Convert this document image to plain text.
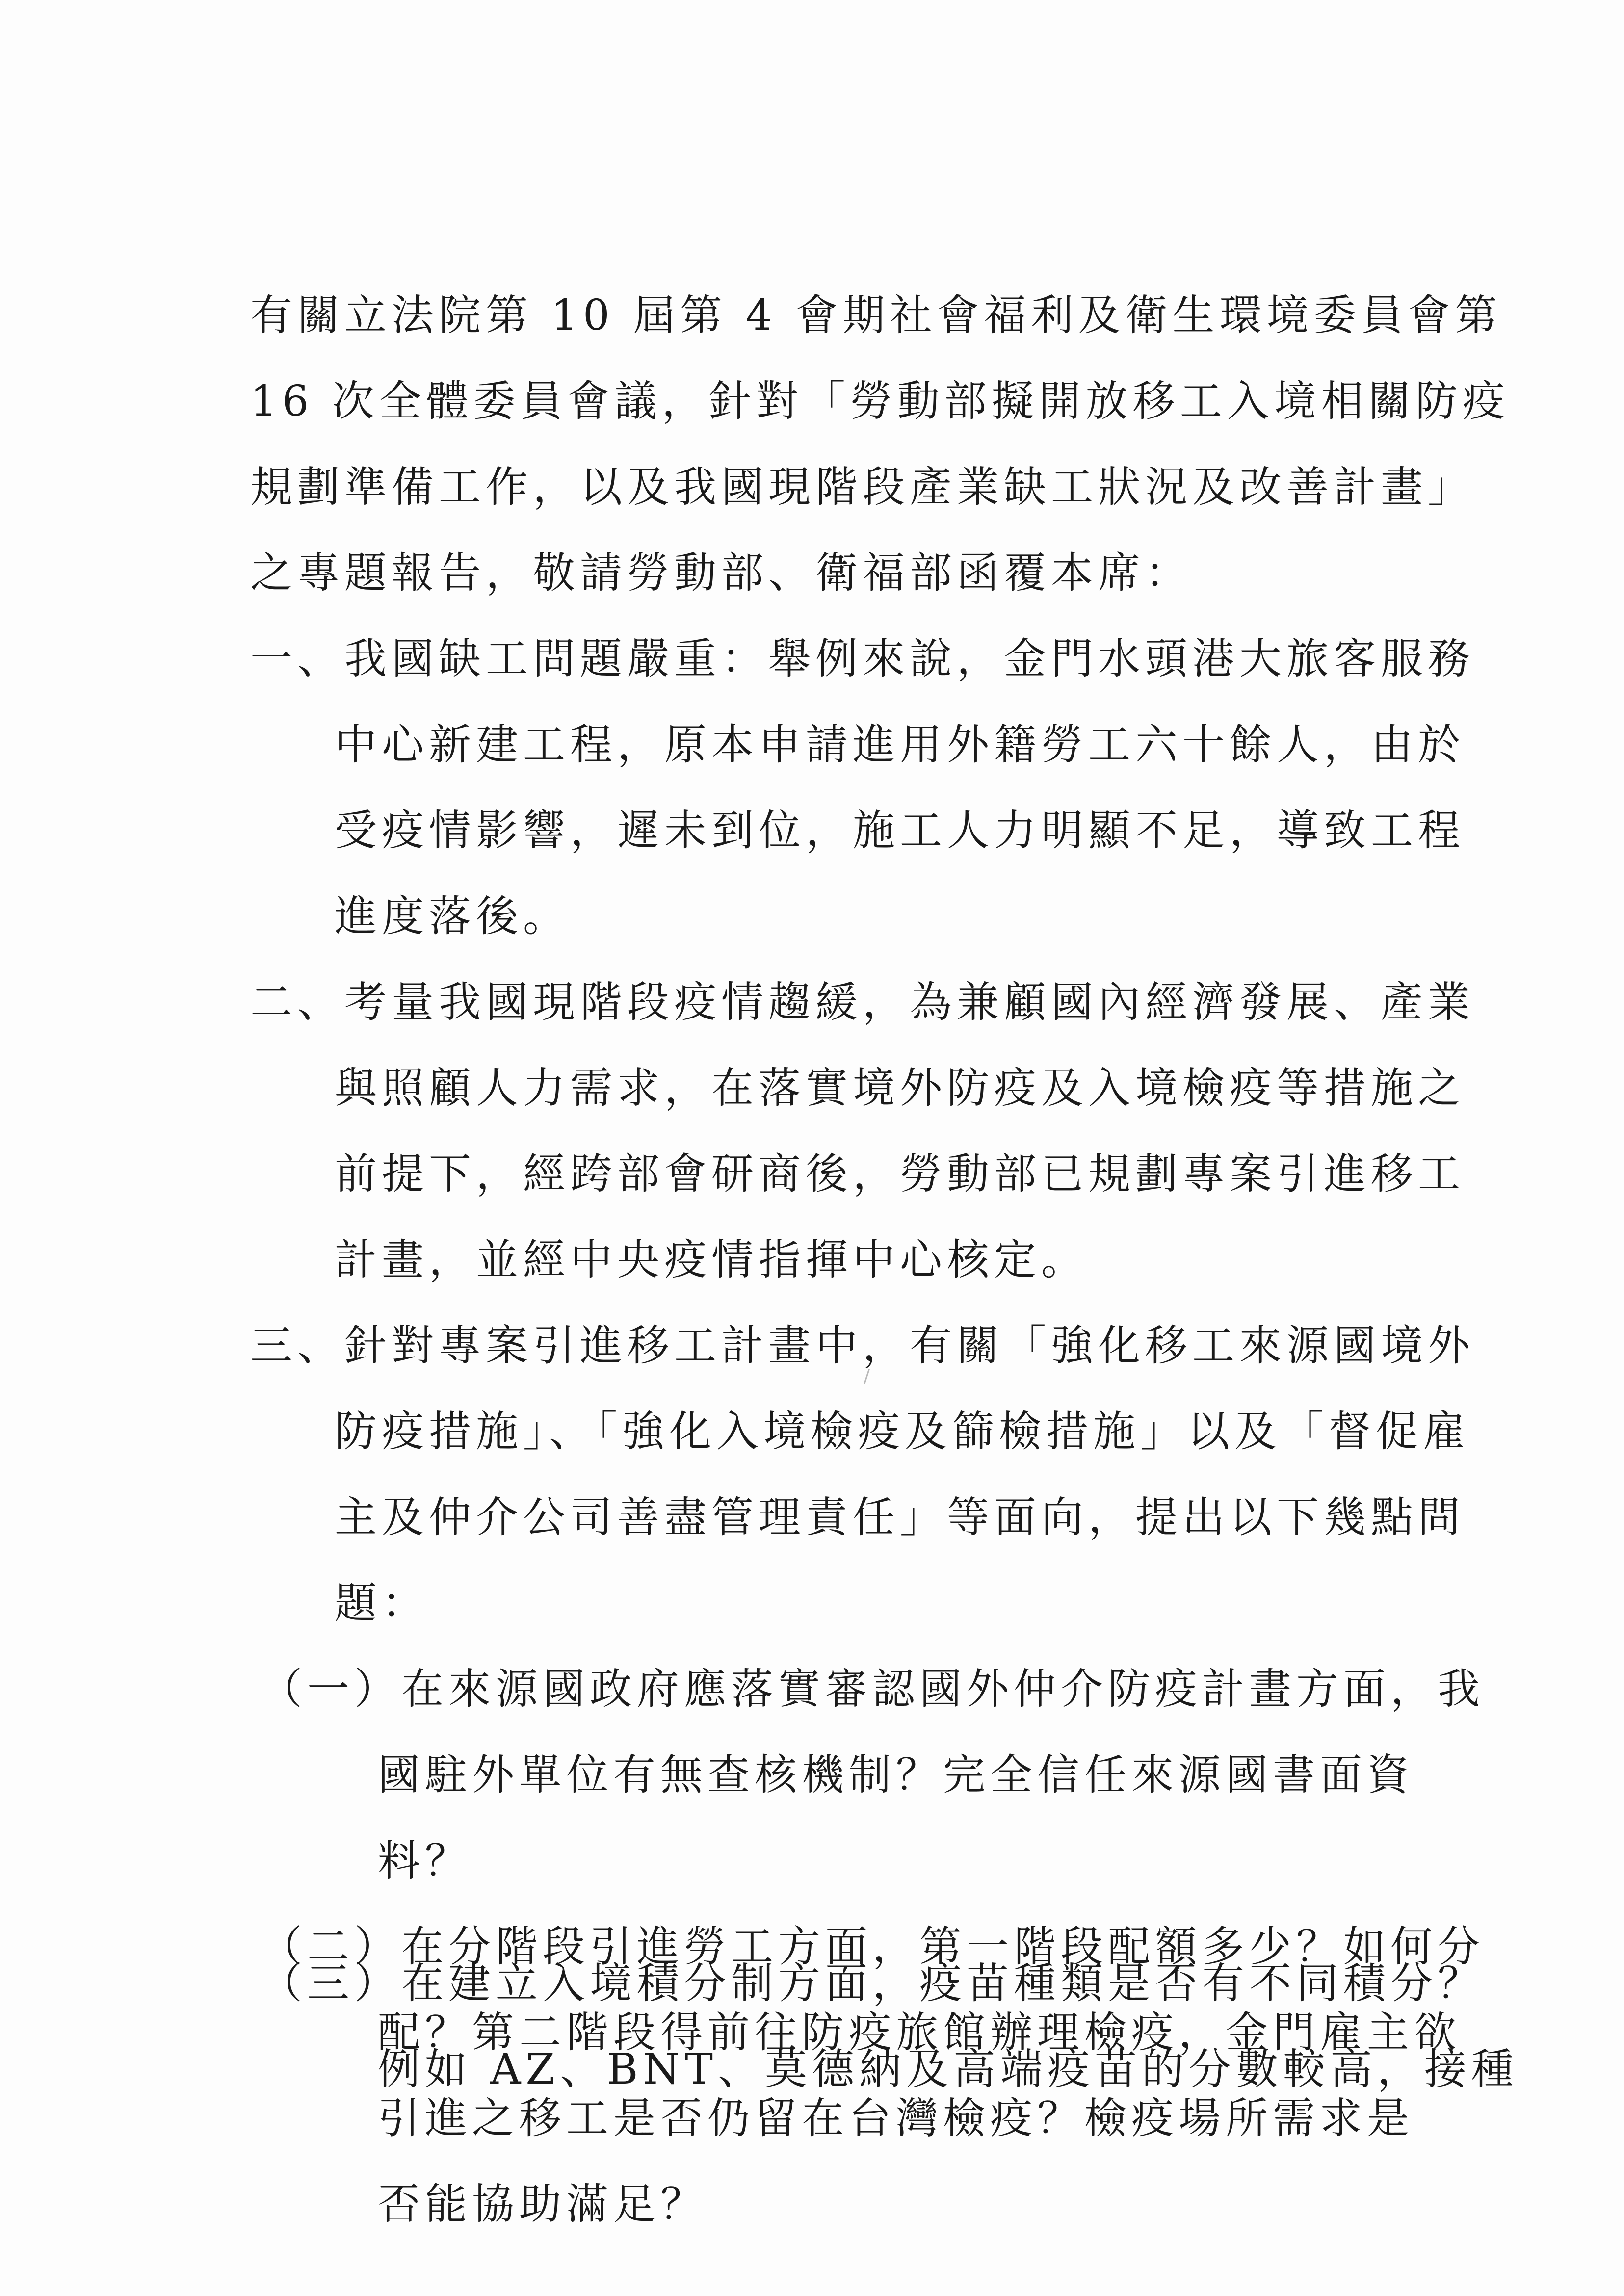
有關立法院第 10 屆第 4 會期社會福利及衛生環境委員會第
16 次全體委員會議，針對「勞動部擬開放移工入境相關防疫
規劃準備工作，以及我國現階段產業缺工狀況及改善計畫」
之專題報告，敬請勞動部、衛福部函覆本席：
一、我國缺工問題嚴重：舉例來說，金門水頭港大旅客服務
中心新建工程，原本申請進用外籍勞工六十餘人，由於
受疫情影響，遲未到位，施工人力明顯不足，導致工程
進度落後。
二、考量我國現階段疫情趨緩，為兼顧國內經濟發展、產業
與照顧人力需求，在落實境外防疫及入境檢疫等措施之
前提下，經跨部會研商後，勞動部已規劃專案引進移工
計畫，並經中央疫情指揮中心核定。
三、針對專案引進移工計畫中，有關「強化移工來源國境外
防疫措施」、「強化入境檢疫及篩檢措施」以及「督促雇
主及仲介公司善盡管理責任」等面向，提出以下幾點問
題：
（一）在來源國政府應落實審認國外仲介防疫計畫方面，我
國駐外單位有無查核機制？完全信任來源國書面資
料？
（二）在分階段引進勞工方面，第一階段配額多少？如何分
配？第二階段得前往防疫旅館辦理檢疫，金門雇主欲
引進之移工是否仍留在台灣檢疫？檢疫場所需求是
否能協助滿足？
（三）在建立入境積分制方面，疫苗種類是否有不同積分？
例如 AZ、BNT、莫德納及高端疫苗的分數較高，接種
